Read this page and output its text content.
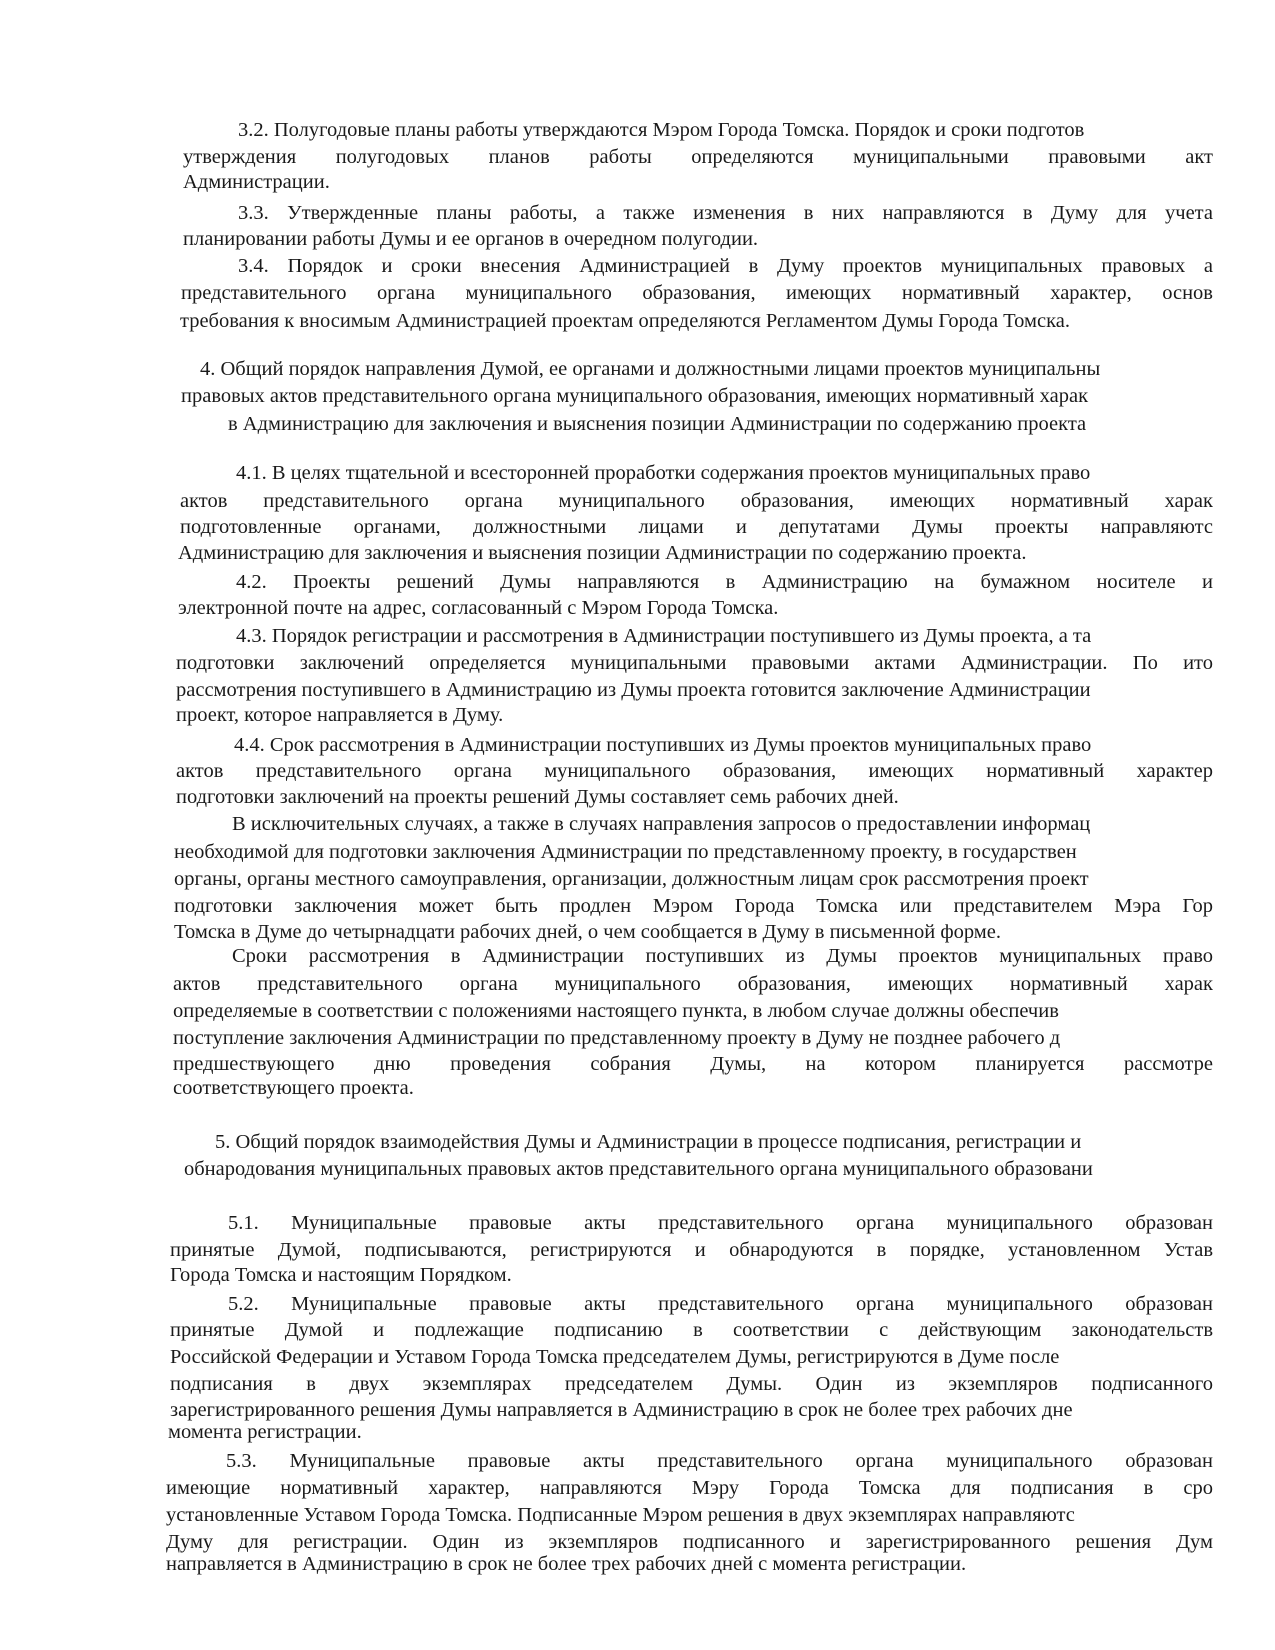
3.2. Полугодовые планы работы утверждаются Мэром Города Томска. Порядок и сроки подготов

утверждения полугодовых планов работы определяются муниципальными правовыми акт

Администрации.

3.3. Утвержденные планы работы, а также изменения в них направляются в Думу для учета

планировании работы Думы и ее органов в очередном полугодии.

3.4. Порядок и сроки внесения Администрацией в Думу проектов муниципальных правовых а

представительного органа муниципального образования, имеющих нормативный характер, основ

требования к вносимым Администрацией проектам определяются Регламентом Думы Города Томска.

4. Общий порядок направления Думой, ее органами и должностными лицами проектов муниципальны

правовых актов представительного органа муниципального образования, имеющих нормативный харак

в Администрацию для заключения и выяснения позиции Администрации по содержанию проекта

4.1. В целях тщательной и всесторонней проработки содержания проектов муниципальных право

актов представительного органа муниципального образования, имеющих нормативный харак

подготовленные органами, должностными лицами и депутатами Думы проекты направляютс

Администрацию для заключения и выяснения позиции Администрации по содержанию проекта.

4.2. Проекты решений Думы направляются в Администрацию на бумажном носителе и

электронной почте на адрес, согласованный с Мэром Города Томска.

4.3. Порядок регистрации и рассмотрения в Администрации поступившего из Думы проекта, а та

подготовки заключений определяется муниципальными правовыми актами Администрации. По ито

рассмотрения поступившего в Администрацию из Думы проекта готовится заключение Администрации

проект, которое направляется в Думу.

4.4. Срок рассмотрения в Администрации поступивших из Думы проектов муниципальных право

актов представительного органа муниципального образования, имеющих нормативный характер

подготовки заключений на проекты решений Думы составляет семь рабочих дней.

В исключительных случаях, а также в случаях направления запросов о предоставлении информац

необходимой для подготовки заключения Администрации по представленному проекту, в государствен

органы, органы местного самоуправления, организации, должностным лицам срок рассмотрения проект

подготовки заключения может быть продлен Мэром Города Томска или представителем Мэра Гор

Томска в Думе до четырнадцати рабочих дней, о чем сообщается в Думу в письменной форме.

Сроки рассмотрения в Администрации поступивших из Думы проектов муниципальных право

актов представительного органа муниципального образования, имеющих нормативный харак

определяемые в соответствии с положениями настоящего пункта, в любом случае должны обеспечив

поступление заключения Администрации по представленному проекту в Думу не позднее рабочего д

предшествующего дню проведения собрания Думы, на котором планируется рассмотре

соответствующего проекта.

5. Общий порядок взаимодействия Думы и Администрации в процессе подписания, регистрации и

обнародования муниципальных правовых актов представительного органа муниципального образовани

5.1. Муниципальные правовые акты представительного органа муниципального образован

принятые Думой, подписываются, регистрируются и обнародуются в порядке, установленном Устав

Города Томска и настоящим Порядком.

5.2. Муниципальные правовые акты представительного органа муниципального образован

принятые Думой и подлежащие подписанию в соответствии с действующим законодательств

Российской Федерации и Уставом Города Томска председателем Думы, регистрируются в Думе после

подписания в двух экземплярах председателем Думы. Один из экземпляров подписанного

зарегистрированного решения Думы направляется в Администрацию в срок не более трех рабочих дне

момента регистрации.

5.3. Муниципальные правовые акты представительного органа муниципального образован

имеющие нормативный характер, направляются Мэру Города Томска для подписания в сро

установленные Уставом Города Томска. Подписанные Мэром решения в двух экземплярах направляютс

Думу для регистрации. Один из экземпляров подписанного и зарегистрированного решения Дум

направляется в Администрацию в срок не более трех рабочих дней с момента регистрации.
